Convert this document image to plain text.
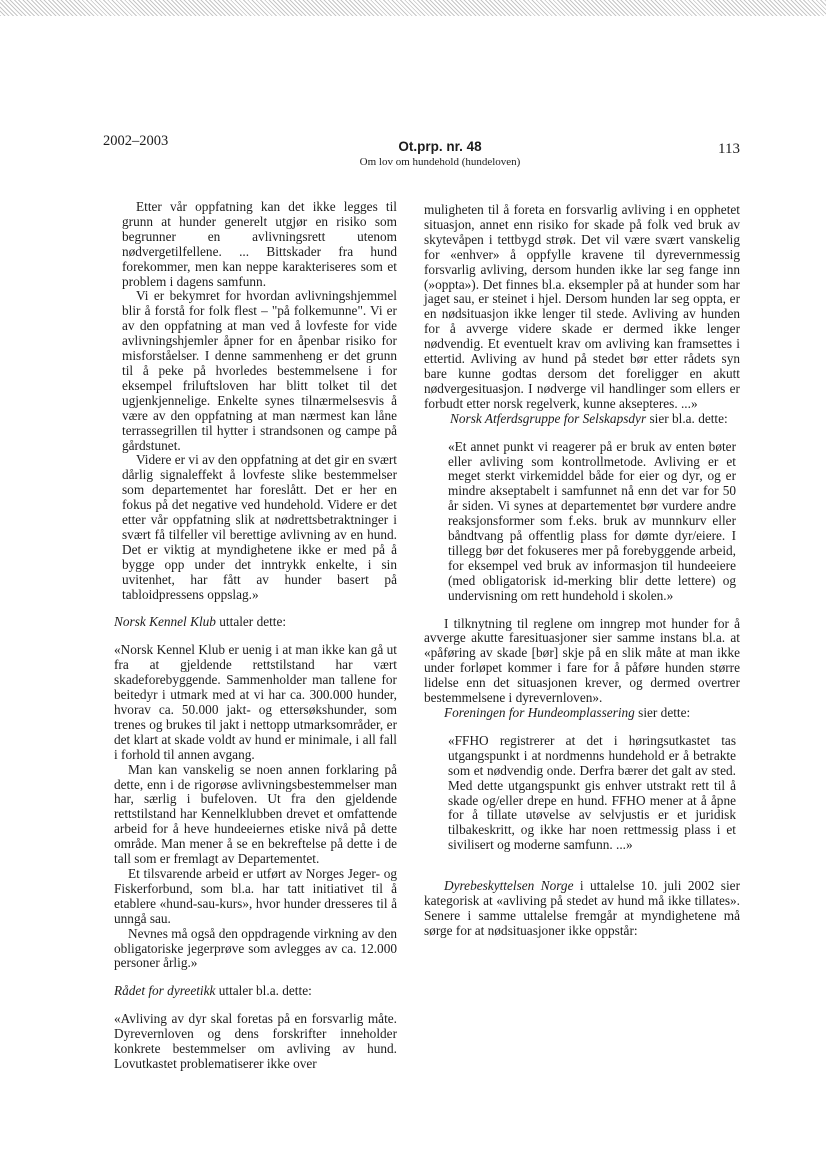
2002–2003	Ot.prp. nr. 48
Om lov om hundehold (hundeloven)
113

Etter vår oppfatning kan det ikke legges til grunn at hunder generelt utgjør en risiko som begrunner en avlivningsrett utenom nødvergetilfellene. ... Bittskader fra hund forekommer, men kan neppe karakteriseres som et problem i dagens samfunn.

Vi er bekymret for hvordan avlivningshjemmel blir å forstå for folk flest – "på folkemunne". Vi er av den oppfatning at man ved å lovfeste for vide avlivningshjemler åpner for en åpenbar risiko for misforståelser. I denne sammenheng er det grunn til å peke på hvorledes bestemmelsene i for eksempel friluftsloven har blitt tolket til det ugjenkjennelige. Enkelte synes tilnærmelsesvis å være av den oppfatning at man nærmest kan låne terrassegrillen til hytter i strandsonen og campe på gårdstunet.

Videre er vi av den oppfatning at det gir en svært dårlig signaleffekt å lovfeste slike bestemmelser som departementet har foreslått. Det er her en fokus på det negative ved hundehold. Videre er det etter vår oppfatning slik at nødrettsbetraktninger i svært få tilfeller vil berettige avlivning av en hund. Det er viktig at myndighetene ikke er med på å bygge opp under det inntrykk enkelte, i sin uvitenhet, har fått av hunder basert på tabloidpressens oppslag.»

Norsk Kennel Klub uttaler dette:

«Norsk Kennel Klub er uenig i at man ikke kan gå ut fra at gjeldende rettstilstand har vært skadeforebyggende. Sammenholder man tallene for beitedyr i utmark med at vi har ca. 300.000 hunder, hvorav ca. 50.000 jakt- og ettersøkshunder, som trenes og brukes til jakt i nettopp utmarksområder, er det klart at skade voldt av hund er minimale, i all fall i forhold til annen avgang.

Man kan vanskelig se noen annen forklaring på dette, enn i de rigorøse avlivningsbestemmelser man har, særlig i bufeloven. Ut fra den gjeldende rettstilstand har Kennelklubben drevet et omfattende arbeid for å heve hundeeiernes etiske nivå på dette område. Man mener å se en bekreftelse på dette i de tall som er fremlagt av Departementet.

Et tilsvarende arbeid er utført av Norges Jeger- og Fiskerforbund, som bl.a. har tatt initiativet til å etablere «hund-sau-kurs», hvor hunder dresseres til å unngå sau.

Nevnes må også den oppdragende virkning av den obligatoriske jegerprøve som avlegges av ca. 12.000 personer årlig.»

Rådet for dyreetikk uttaler bl.a. dette:

«Avliving av dyr skal foretas på en forsvarlig måte. Dyrevernloven og dens forskrifter inneholder konkrete bestemmelser om avliving av hund. Lovutkastet problematiserer ikke over

muligheten til å foreta en forsvarlig avliving i en opphetet situasjon, annet enn risiko for skade på folk ved bruk av skytevåpen i tettbygd strøk. Det vil være svært vanskelig for «enhver» å oppfylle kravene til dyrevernmessig forsvarlig avliving, dersom hunden ikke lar seg fange inn (»oppta»). Det finnes bl.a. eksempler på at hunder som har jaget sau, er steinet i hjel. Dersom hunden lar seg oppta, er en nødsituasjon ikke lenger til stede. Avliving av hunden for å avverge videre skade er dermed ikke lenger nødvendig. Et eventuelt krav om avliving kan framsettes i ettertid. Avliving av hund på stedet bør etter rådets syn bare kunne godtas dersom det foreligger en akutt nødvergesituasjon. I nødverge vil handlinger som ellers er forbudt etter norsk regelverk, kunne aksepteres. ...»

Norsk Atferdsgruppe for Selskapsdyr sier bl.a. dette:

«Et annet punkt vi reagerer på er bruk av enten bøter eller avliving som kontrollmetode. Avliving er et meget sterkt virkemiddel både for eier og dyr, og er mindre akseptabelt i samfunnet nå enn det var for 50 år siden. Vi synes at departementet bør vurdere andre reaksjonsformer som f.eks. bruk av munnkurv eller båndtvang på offentlig plass for dømte dyr/eiere. I tillegg bør det fokuseres mer på forebyggende arbeid, for eksempel ved bruk av informasjon til hundeeiere (med obligatorisk id-merking blir dette lettere) og undervisning om rett hundehold i skolen.»

I tilknytning til reglene om inngrep mot hunder for å avverge akutte faresituasjoner sier samme instans bl.a. at «påføring av skade [bør] skje på en slik måte at man ikke under forløpet kommer i fare for å påføre hunden større lidelse enn det situasjonen krever, og dermed overtrer bestemmelsene i dyrevernloven».

Foreningen for Hundeomplassering sier dette:

«FFHO registrerer at det i høringsutkastet tas utgangspunkt i at nordmenns hundehold er å betrakte som et nødvendig onde. Derfra bærer det galt av sted. Med dette utgangspunkt gis enhver utstrakt rett til å skade og/eller drepe en hund. FFHO mener at å åpne for å tillate utøvelse av selvjustis er et juridisk tilbakeskritt, og ikke har noen rettmessig plass i et sivilisert og moderne samfunn. ...»

Dyrebeskyttelsen Norge i uttalelse 10. juli 2002 sier kategorisk at «avliving på stedet av hund må ikke tillates». Senere i samme uttalelse fremgår at myndighetene må sørge for at nødsituasjoner ikke oppstår:
